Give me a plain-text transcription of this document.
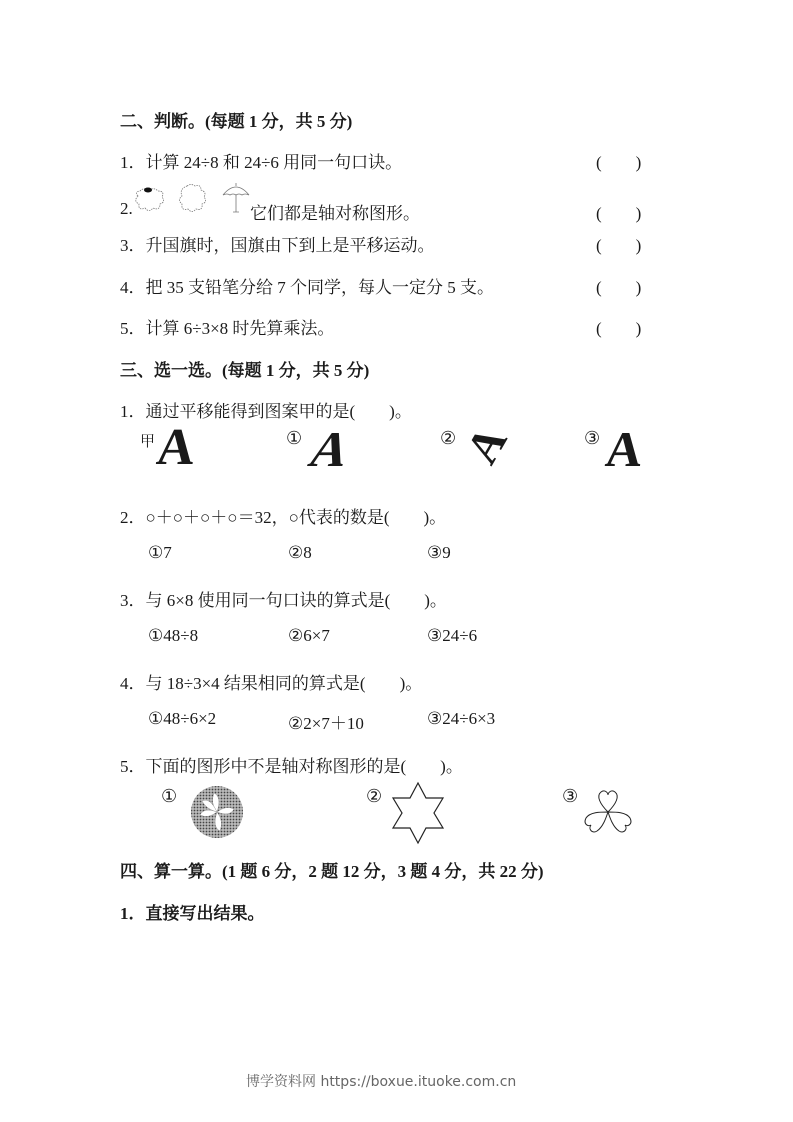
二、判断。(每题 1 分，共 5 分)
1．计算 24÷8 和 24÷6 用同一句口诀。	(　　)
2.	它们都是轴对称图形。	(　　)
3．升国旗时，国旗由下到上是平移运动。	(　　)
4．把 35 支铅笔分给 7 个同学，每人一定分 5 支。	(　　)
5．计算 6÷3×8 时先算乘法。	(　　)
三、选一选。(每题 1 分，共 5 分)
1．通过平移能得到图案甲的是(　　)。
甲 A	① A	② A	③ A
2．○＋○＋○＋○＝32，○代表的数是(　　)。
①7	②8	③9
3．与 6×8 使用同一句口诀的算式是(　　)。
①48÷8	②6×7	③24÷6
4．与 18÷3×4 结果相同的算式是(　　)。
①48÷6×2	②2×7＋10	③24÷6×3
5．下面的图形中不是轴对称图形的是(　　)。
①	②	③
四、算一算。(1 题 6 分，2 题 12 分，3 题 4 分，共 22 分)
1．直接写出结果。
博学资料网 https://boxue.ituoke.com.cn
